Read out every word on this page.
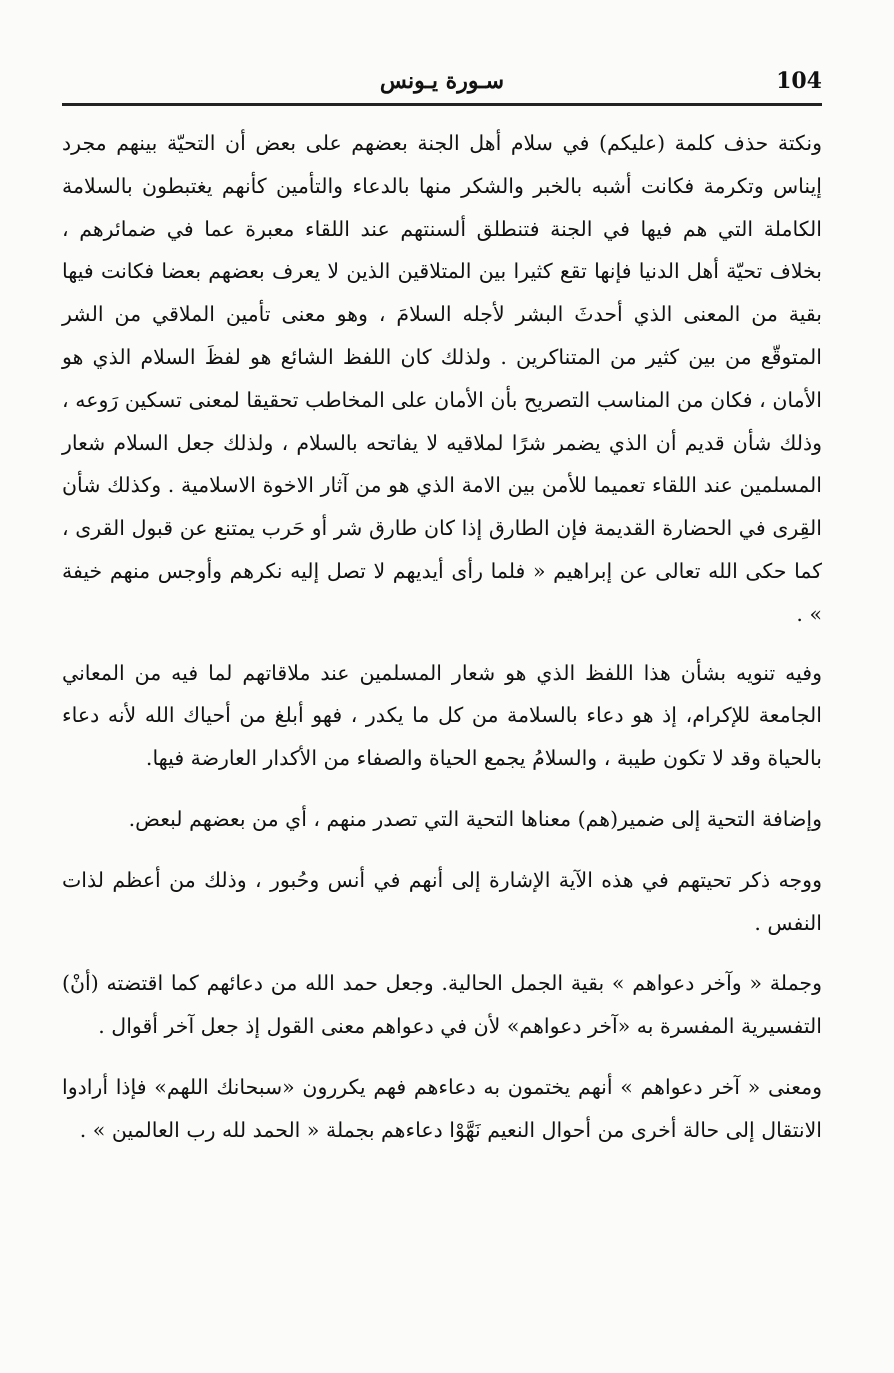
104
سـورة يـونس

ونكتة حذف كلمة (عليكم) في سلام أهل الجنة بعضهم على بعض أن التحيّة بينهم مجرد إيناس وتكرمة فكانت أشبه بالخبر والشكر منها بالدعاء والتأمين كأنهم يغتبطون بالسلامة الكاملة التي هم فيها في الجنة فتنطلق ألسنتهم عند اللقاء معبرة عما في ضمائرهم ، بخلاف تحيّة أهل الدنيا فإنها تقع كثيرا بين المتلاقين الذين لا يعرف بعضهم بعضا فكانت فيها بقية من المعنى الذي أحدثَ البشر لأجله السلامَ ، وهو معنى تأمين الملاقي من الشر المتوقّع من بين كثير من المتناكرين . ولذلك كان اللفظ الشائع هو لفظَ السلام الذي هو الأمان ، فكان من المناسب التصريح بأن الأمان على المخاطب تحقيقا لمعنى تسكين رَوعه ، وذلك شأن قديم أن الذي يضمر شرًا لملاقيه لا يفاتحه بالسلام ، ولذلك جعل السلام شعار المسلمين عند اللقاء تعميما للأمن بين الامة الذي هو من آثار الاخوة الاسلامية . وكذلك شأن القِرى في الحضارة القديمة فإن الطارق إذا كان طارق شر أو حَرب يمتنع عن قبول القرى ، كما حكى الله تعالى عن إبراهيم « فلما رأى أيديهم لا تصل إليه نكرهم وأوجس منهم خيفة » .

وفيه تنويه بشأن هذا اللفظ الذي هو شعار المسلمين عند ملاقاتهم لما فيه من المعاني الجامعة للإكرام، إذ هو دعاء بالسلامة من كل ما يكدر ، فهو أبلغ من أحياك الله لأنه دعاء بالحياة وقد لا تكون طيبة ، والسلامُ يجمع الحياة والصفاء من الأكدار العارضة فيها.

وإضافة التحية إلى ضمير(هم) معناها التحية التي تصدر منهم ، أي من بعضهم لبعض.

ووجه ذكر تحيتهم في هذه الآية الإشارة إلى أنهم في أنس وحُبور ، وذلك من أعظم لذات النفس .

وجملة « وآخر دعواهم » بقية الجمل الحالية. وجعل حمد الله من دعائهم كما اقتضته (أنْ) التفسيرية المفسرة به «آخر دعواهم» لأن في دعواهم معنى القول إذ جعل آخر أقوال .

ومعنى « آخر دعواهم » أنهم يختمون به دعاءهم فهم يكررون «سبحانك اللهم» فإذا أرادوا الانتقال إلى حالة أخرى من أحوال النعيم نَهَّوْا دعاءهم بجملة « الحمد لله رب العالمين » .
